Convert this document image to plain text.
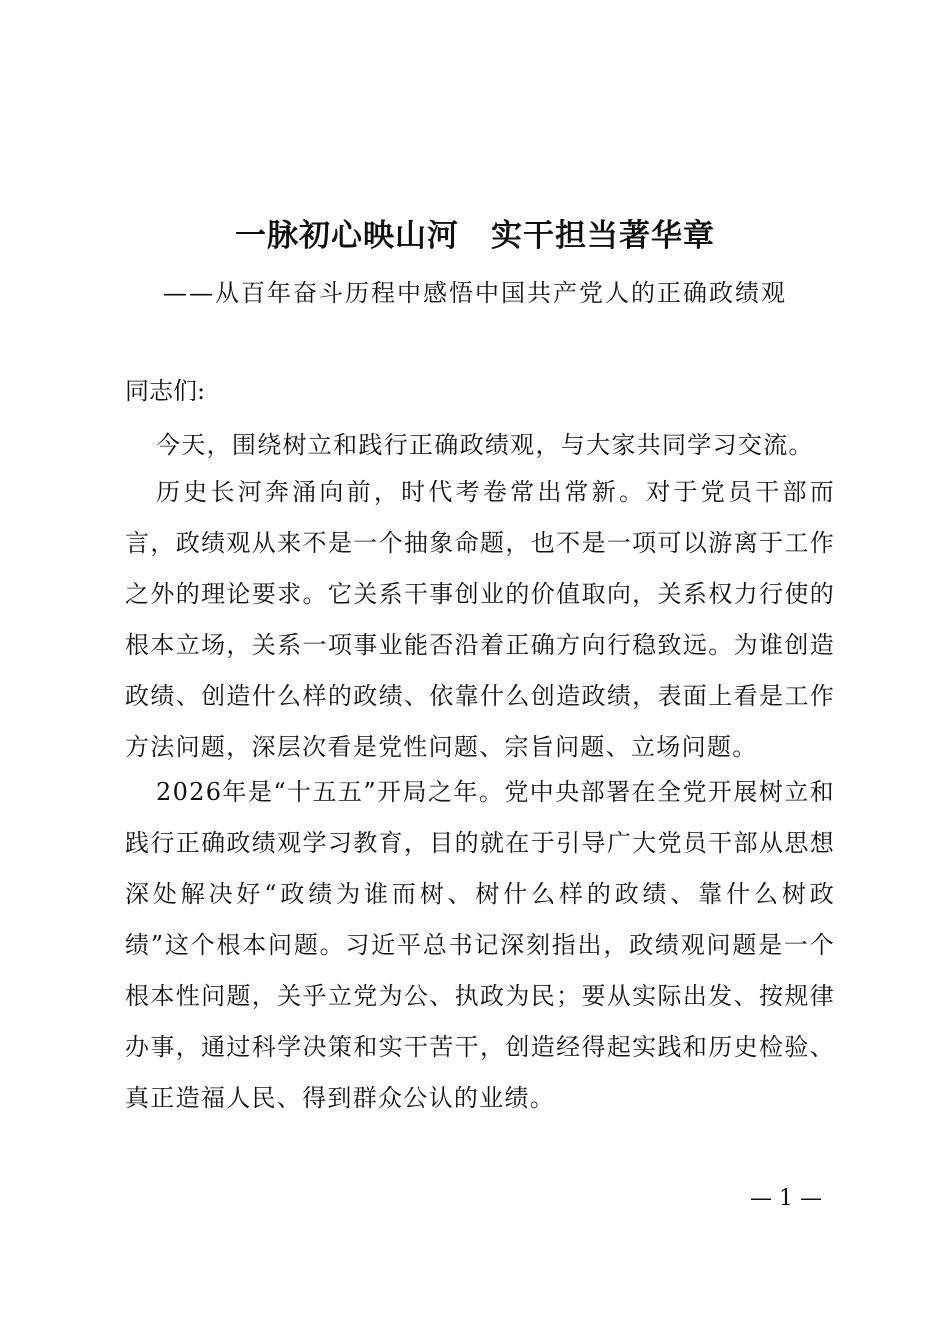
一脉初心映山河　实干担当著华章
——从百年奋斗历程中感悟中国共产党人的正确政绩观
同志们:

今天，围绕树立和践行正确政绩观，与大家共同学习交流。

历史长河奔涌向前，时代考卷常出常新。对于党员干部而言，政绩观从来不是一个抽象命题，也不是一项可以游离于工作之外的理论要求。它关系干事创业的价值取向，关系权力行使的根本立场，关系一项事业能否沿着正确方向行稳致远。为谁创造政绩、创造什么样的政绩、依靠什么创造政绩，表面上看是工作方法问题，深层次看是党性问题、宗旨问题、立场问题。

2026年是“十五五”开局之年。党中央部署在全党开展树立和践行正确政绩观学习教育，目的就在于引导广大党员干部从思想深处解决好“政绩为谁而树、树什么样的政绩、靠什么树政绩”这个根本问题。习近平总书记深刻指出，政绩观问题是一个根本性问题，关乎立党为公、执政为民；要从实际出发、按规律办事，通过科学决策和实干苦干，创造经得起实践和历史检验、真正造福人民、得到群众公认的业绩。

— 1 —
